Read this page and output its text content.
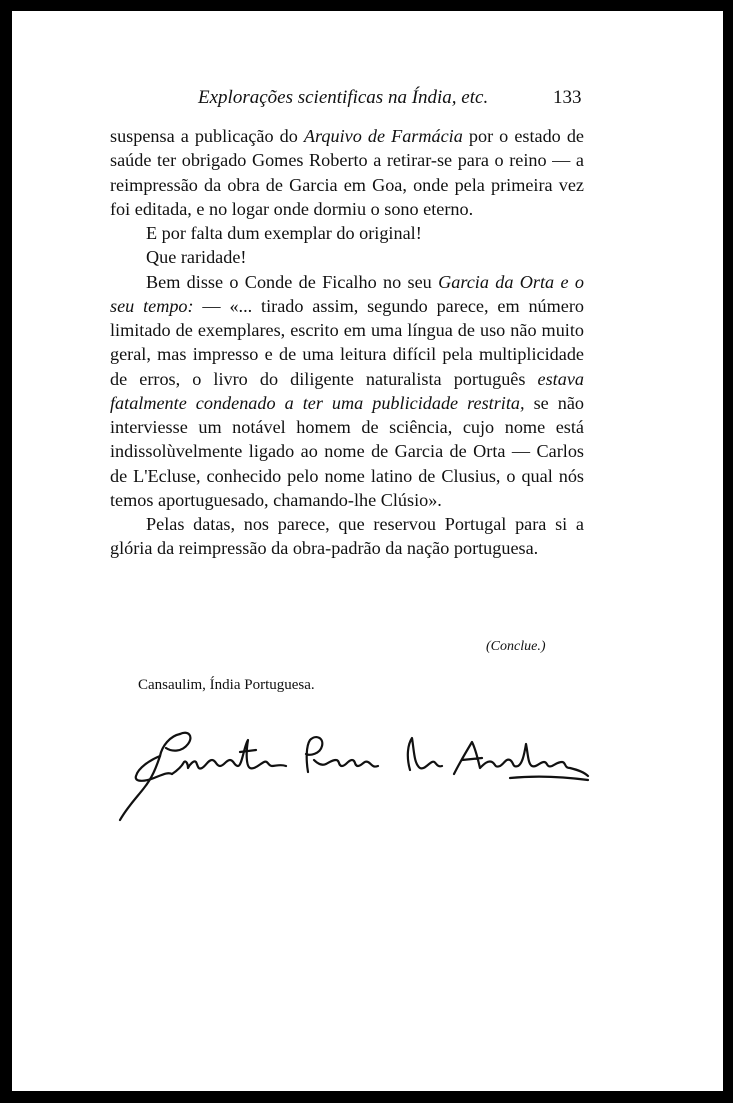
Explorações scientificas na Índia, etc.	133

suspensa a publicação do Arquivo de Farmácia por o estado de saúde ter obrigado Gomes Roberto a retirar-se para o reino — a reimpressão da obra de Garcia em Goa, onde pela primeira vez foi editada, e no logar onde dormiu o sono eterno.

E por falta dum exemplar do original!

Que raridade!

Bem disse o Conde de Ficalho no seu Garcia da Orta e o seu tempo: — «... tirado assim, segundo parece, em número limitado de exemplares, escrito em uma língua de uso não muito geral, mas impresso e de uma leitura difícil pela multiplicidade de erros, o livro do diligente naturalista português estava fatalmente condenado a ter uma publicidade restrita, se não interviesse um notável homem de sciência, cujo nome está indissolùvelmente ligado ao nome de Garcia de Orta — Carlos de L'Ecluse, conhecido pelo nome latino de Clusius, o qual nós temos aportuguesado, chamando-lhe Clúsio».

Pelas datas, nos parece, que reservou Portugal para si a glória da reimpressão da obra-padrão da nação portuguesa.

(Conclue.)
Cansaulim, Índia Portuguesa.
